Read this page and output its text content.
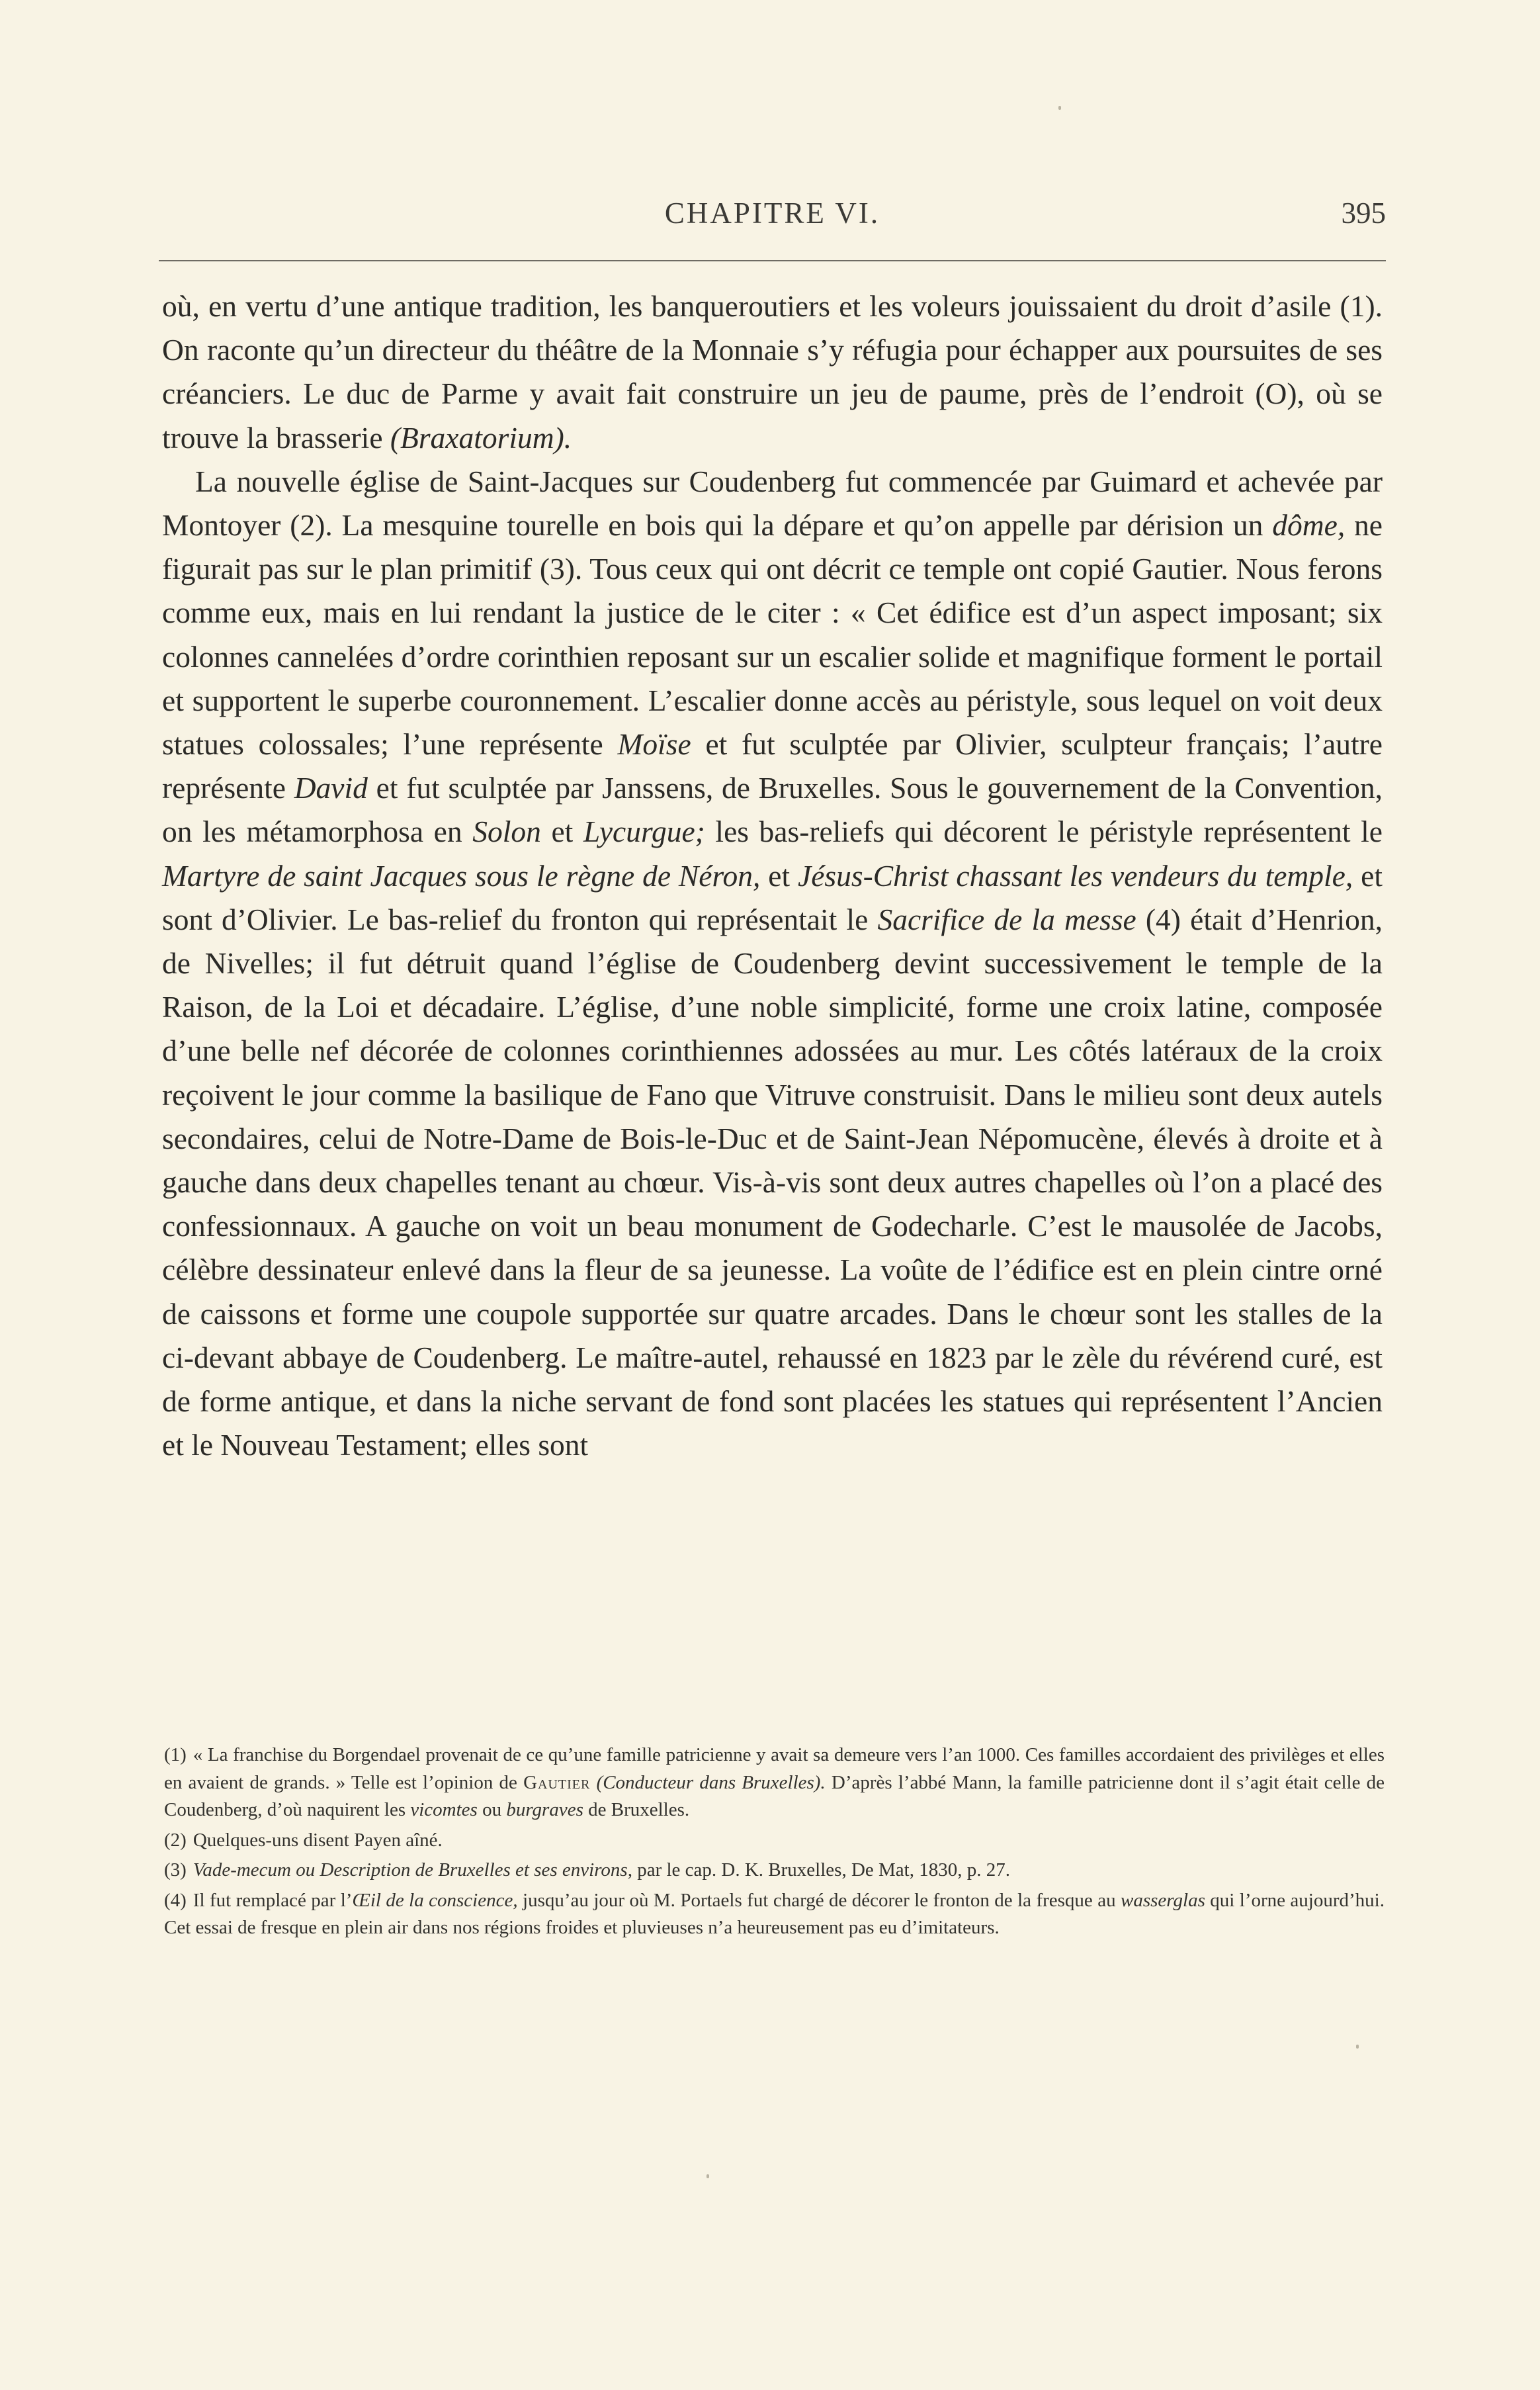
CHAPITRE VI.	395

où, en vertu d’une antique tradition, les banqueroutiers et les voleurs jouissaient du droit d’asile (1). On raconte qu’un directeur du théâtre de la Monnaie s’y réfugia pour échapper aux poursuites de ses créanciers. Le duc de Parme y avait fait construire un jeu de paume, près de l’endroit (O), où se trouve la brasserie (Braxatorium).

La nouvelle église de Saint-Jacques sur Coudenberg fut commencée par Guimard et achevée par Montoyer (2). La mesquine tourelle en bois qui la dépare et qu’on appelle par dérision un dôme, ne figurait pas sur le plan primitif (3). Tous ceux qui ont décrit ce temple ont copié Gautier. Nous ferons comme eux, mais en lui rendant la justice de le citer : « Cet édifice est d’un aspect imposant; six colonnes cannelées d’ordre corinthien reposant sur un escalier solide et magnifique forment le portail et supportent le superbe couronnement. L’escalier donne accès au péristyle, sous lequel on voit deux statues colossales; l’une représente Moïse et fut sculptée par Olivier, sculpteur français; l’autre représente David et fut sculptée par Janssens, de Bruxelles. Sous le gouvernement de la Convention, on les métamorphosa en Solon et Lycurgue; les bas-reliefs qui décorent le péristyle représentent le Martyre de saint Jacques sous le règne de Néron, et Jésus-Christ chassant les vendeurs du temple, et sont d’Olivier. Le bas-relief du fronton qui représentait le Sacrifice de la messe (4) était d’Henrion, de Nivelles; il fut détruit quand l’église de Coudenberg devint successivement le temple de la Raison, de la Loi et décadaire. L’église, d’une noble simplicité, forme une croix latine, composée d’une belle nef décorée de colonnes corinthiennes adossées au mur. Les côtés latéraux de la croix reçoivent le jour comme la basilique de Fano que Vitruve construisit. Dans le milieu sont deux autels secondaires, celui de Notre-Dame de Bois-le-Duc et de Saint-Jean Népomucène, élevés à droite et à gauche dans deux chapelles tenant au chœur. Vis-à-vis sont deux autres chapelles où l’on a placé des confessionnaux. A gauche on voit un beau monument de Godecharle. C’est le mausolée de Jacobs, célèbre dessinateur enlevé dans la fleur de sa jeunesse. La voûte de l’édifice est en plein cintre orné de caissons et forme une coupole supportée sur quatre arcades. Dans le chœur sont les stalles de la ci-devant abbaye de Coudenberg. Le maître-autel, rehaussé en 1823 par le zèle du révérend curé, est de forme antique, et dans la niche servant de fond sont placées les statues qui représentent l’Ancien et le Nouveau Testament; elles sont

(1) « La franchise du Borgendael provenait de ce qu’une famille patricienne y avait sa demeure vers l’an 1000. Ces familles accordaient des privilèges et elles en avaient de grands. » Telle est l’opinion de Gautier (Conducteur dans Bruxelles). D’après l’abbé Mann, la famille patricienne dont il s’agit était celle de Coudenberg, d’où naquirent les vicomtes ou burgraves de Bruxelles.

(2) Quelques-uns disent Payen aîné.

(3) Vade-mecum ou Description de Bruxelles et ses environs, par le cap. D. K. Bruxelles, De Mat, 1830, p. 27.

(4) Il fut remplacé par l’Œil de la conscience, jusqu’au jour où M. Portaels fut chargé de décorer le fronton de la fresque au wasserglas qui l’orne aujourd’hui. Cet essai de fresque en plein air dans nos régions froides et pluvieuses n’a heureusement pas eu d’imitateurs.
